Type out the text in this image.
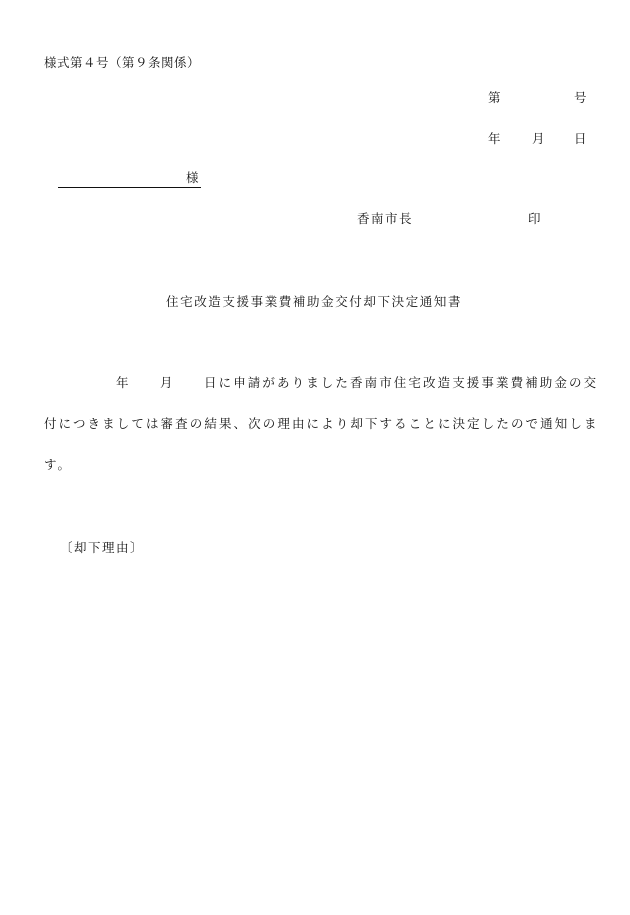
様式第４号（第９条関係）
第	号
年	月 日
様
香南市長	印
住宅改造支援事業費補助金交付却下決定通知書
年 月 日に申請がありました香南市住宅改造支援事業費補助金の交
付につきましては審査の結果、次の理由により却下することに決定したので通知しま
す。
〔却下理由〕
